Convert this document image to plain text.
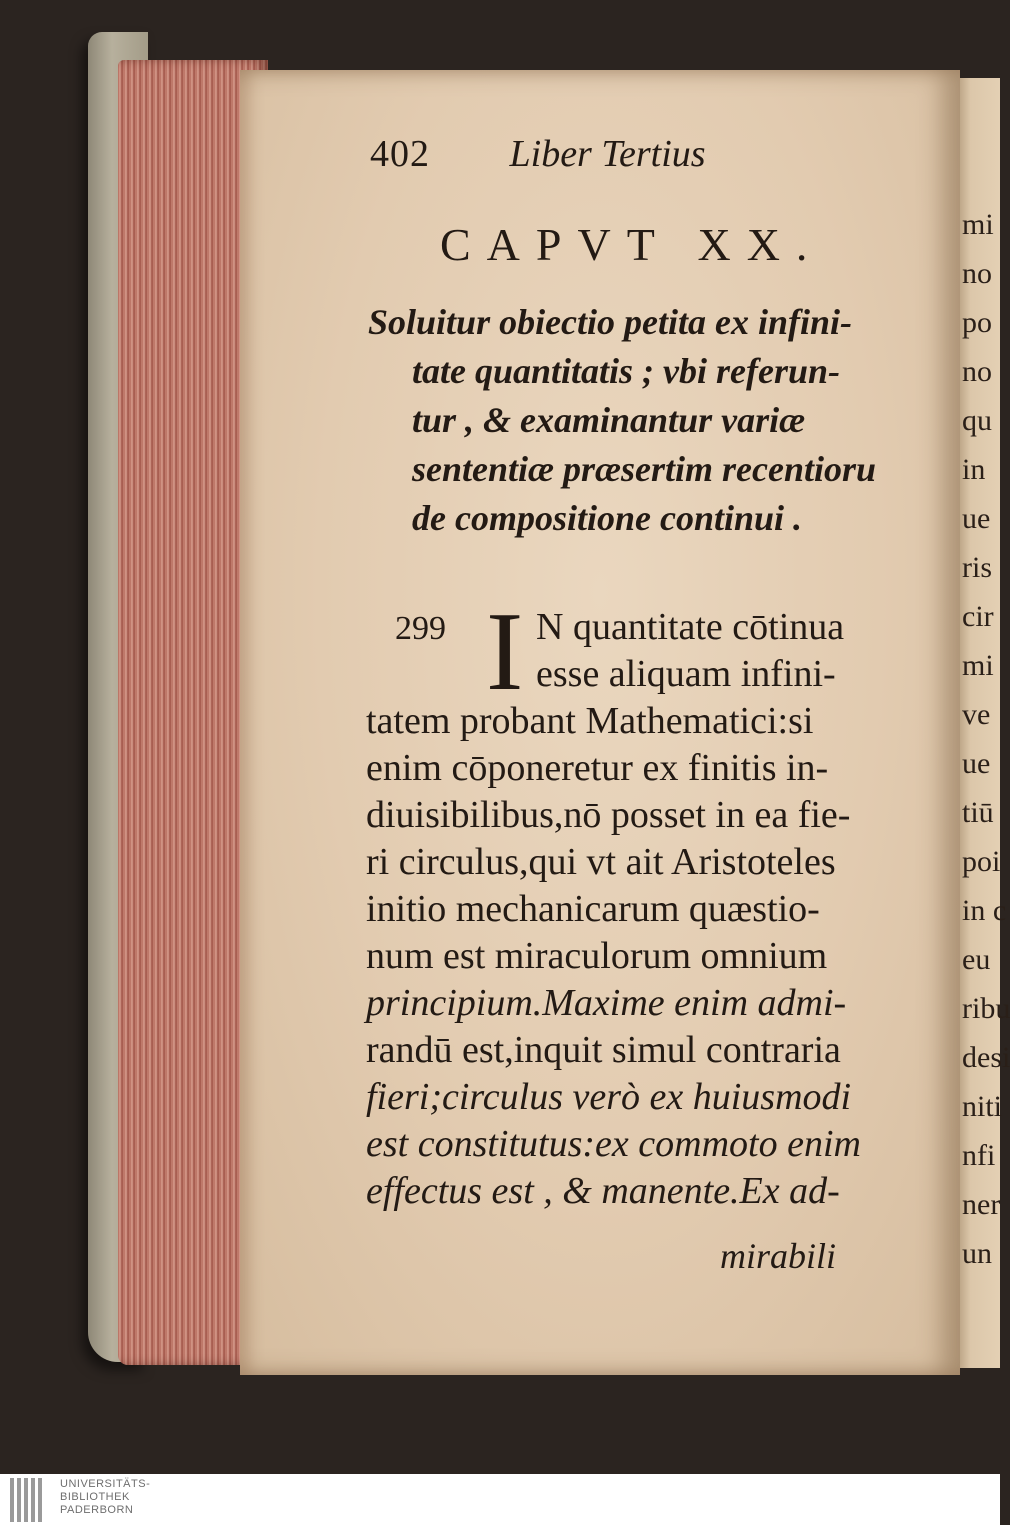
mi
no
po
no
qu
in
ue
ris
cir
mi
ve
ue
tiū
poi
in c
eu
ribu
desi
niti
nfi
ner
un
402 Liber Tertius
CAPVT XX.
Soluitur obiectio petita ex infini-
tate quantitatis ; vbi referun-
tur , & examinantur variæ
sententiæ præsertim recentioru
de compositione continui .
299 I N quantitate cōtinua
esse aliquam infini-
tatem probant Mathematici:si
enim cōponeretur ex finitis in-
diuisibilibus,nō posset in ea fie-
ri circulus,qui vt ait Aristoteles
initio mechanicarum quæstio-
num est miraculorum omnium
principium.Maxime enim admi-
randū est,inquit simul contraria
fieri;circulus verò ex huiusmodi
est constitutus:ex commoto enim
effectus est , & manente.Ex ad-
mirabili
UNIVERSITÄTS-
BIBLIOTHEK
PADERBORN
